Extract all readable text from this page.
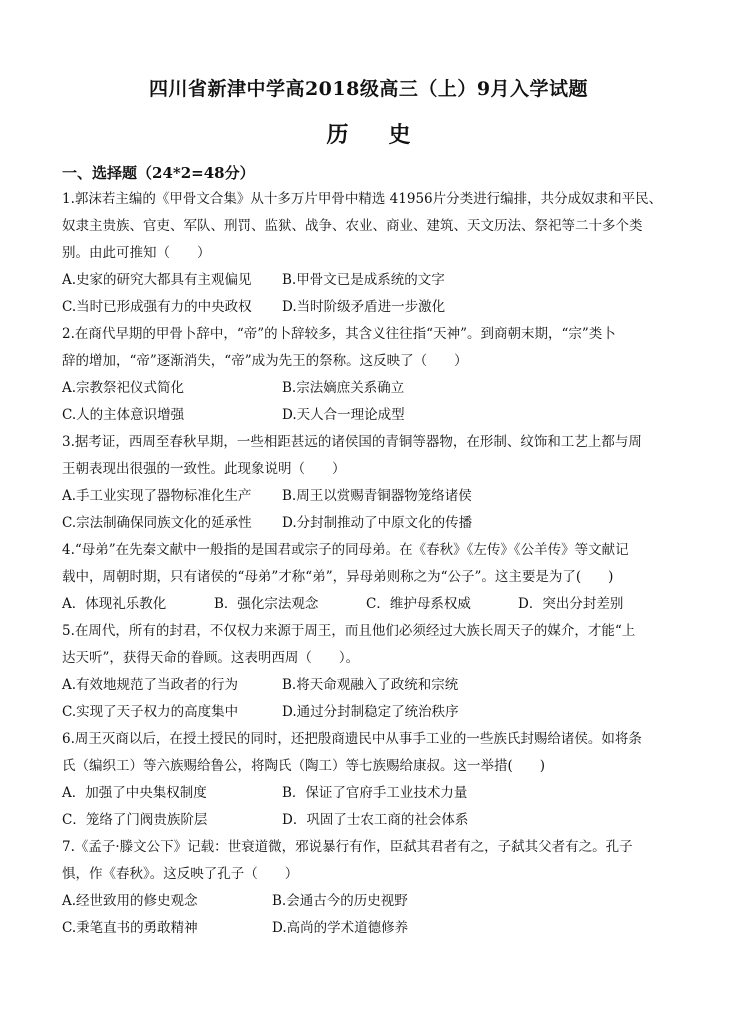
四川省新津中学高2018级高三（上）9月入学试题
历史
一、选择题（24*2=48分）
1.郭沫若主编的《甲骨文合集》从十多万片甲骨中精选 41956片分类进行编排，共分成奴隶和平民、
奴隶主贵族、官吏、军队、刑罚、监狱、战争、农业、商业、建筑、天文历法、祭祀等二十多个类
别。由此可推知（　　）
A.史家的研究大都具有主观偏见	B.甲骨文已是成系统的文字
C.当时已形成强有力的中央政权	D.当时阶级矛盾进一步激化
2.在商代早期的甲骨卜辞中，“帝”的卜辞较多，其含义往往指“天神”。到商朝末期，“宗”类卜
辞的增加，“帝”逐渐消失，“帝”成为先王的祭称。这反映了（　　）
A.宗教祭祀仪式简化	B.宗法嫡庶关系确立
C.人的主体意识增强	D.天人合一理论成型
3.据考证，西周至春秋早期，一些相距甚远的诸侯国的青铜等器物，在形制、纹饰和工艺上都与周
王朝表现出很强的一致性。此现象说明（　　）
A.手工业实现了器物标准化生产	B.周王以赏赐青铜器物笼络诸侯
C.宗法制确保同族文化的延承性	D.分封制推动了中原文化的传播
4.“母弟”在先秦文献中一般指的是国君或宗子的同母弟。在《春秋》《左传》《公羊传》等文献记
载中，周朝时期，只有诸侯的“母弟”才称“弟”，异母弟则称之为“公子”。这主要是为了(　　)
A．体现礼乐教化	B．强化宗法观念	C．维护母系权威	D．突出分封差别
5.在周代，所有的封君，不仅权力来源于周王，而且他们必须经过大族长周天子的媒介，才能“上
达天听”，获得天命的眷顾。这表明西周（　　）。
A.有效地规范了当政者的行为	B.将天命观融入了政统和宗统
C.实现了天子权力的高度集中	D.通过分封制稳定了统治秩序
6.周王灭商以后，在授土授民的同时，还把殷商遗民中从事手工业的一些族氏封赐给诸侯。如将条
氏（编织工）等六族赐给鲁公，将陶氏（陶工）等七族赐给康叔。这一举措(　　)
A．加强了中央集权制度	B．保证了官府手工业技术力量
C．笼络了门阀贵族阶层	D．巩固了士农工商的社会体系
7.《孟子·滕文公下》记载：世衰道微，邪说暴行有作，臣弑其君者有之，子弑其父者有之。孔子
惧，作《春秋》。这反映了孔子（　　）
A.经世致用的修史观念	B.会通古今的历史视野
C.秉笔直书的勇敢精神	D.高尚的学术道德修养
